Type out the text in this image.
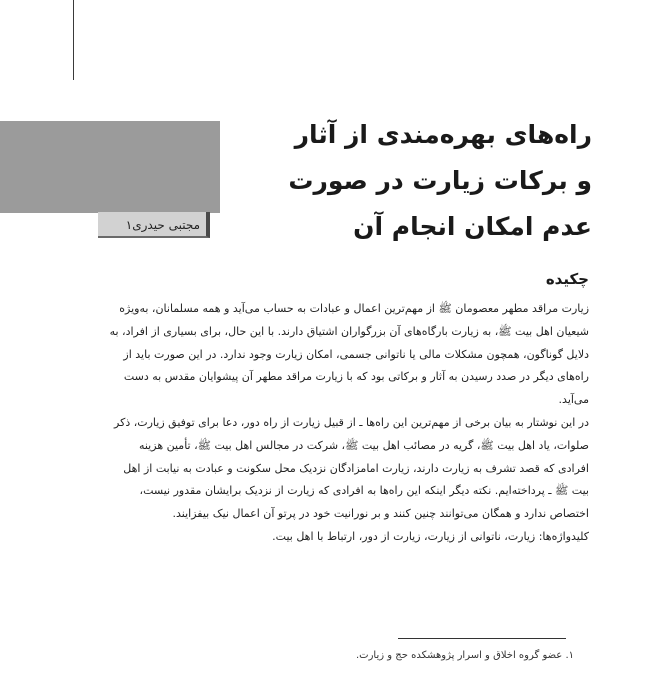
مجتبی حیدری۱
راه‌های بهره‌مندی از آثار
و برکات زیارت در صورت
عدم امکان انجام آن
چکیده

زیارت مراقد مطهر معصومان ﷺ از مهم‌ترین اعمال و عبادات به حساب می‌آید و همه مسلمانان، به‌ویژه شیعیان اهل بیت ﷺ، به زیارت بارگاه‌های آن بزرگواران اشتیاق دارند. با این حال، برای بسیاری از افراد، به دلایل گوناگون، همچون مشکلات مالی یا ناتوانی جسمی، امکان زیارت وجود ندارد. در این صورت باید از راه‌های دیگر در صدد رسیدن به آثار و برکاتی بود که با زیارت مراقد مطهر آن پیشوایان مقدس به دست می‌آید.

در این نوشتار به بیان برخی از مهم‌ترین این راه‌ها ـ از قبیل زیارت از راه دور، دعا برای توفیق زیارت، ذکر صلوات، یاد اهل بیت ﷺ، گریه در مصائب اهل بیت ﷺ، شرکت در مجالس اهل بیت ﷺ، تأمین هزینه افرادی که قصد تشرف به زیارت دارند، زیارت امامزادگان نزدیک محل سکونت و عبادت به نیابت از اهل بیت ﷺ ـ پرداخته‌ایم. نکته دیگر اینکه این راه‌ها به افرادی که زیارت از نزدیک برایشان مقدور نیست، اختصاص ندارد و همگان می‌توانند چنین کنند و بر نورانیت خود در پرتو آن اعمال نیک بیفزایند.

کلیدواژه‌ها: زیارت، ناتوانی از زیارت، زیارت از دور، ارتباط با اهل بیت.

۱. عضو گروه اخلاق و اسرار پژوهشکده حج و زیارت.
